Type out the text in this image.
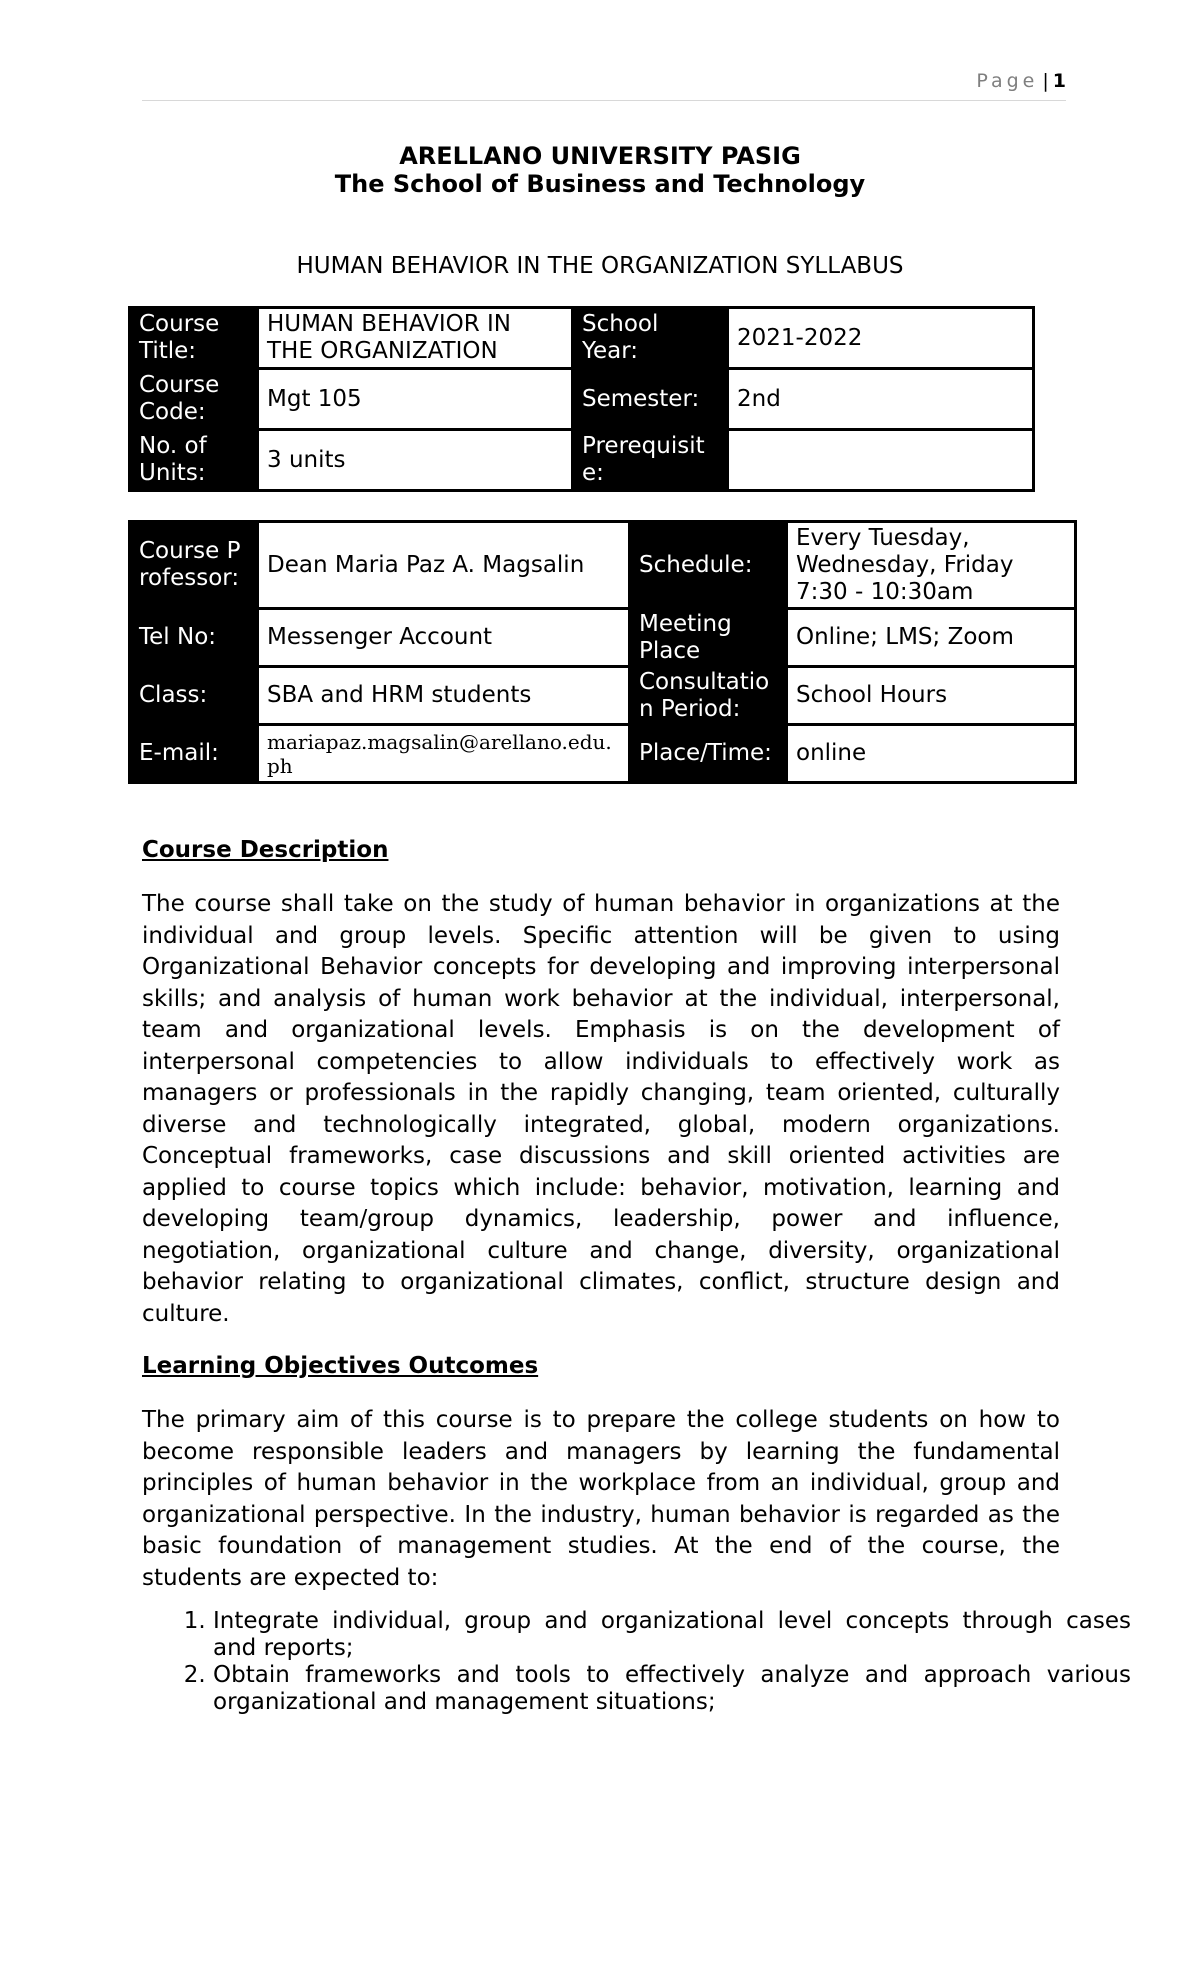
Page | 1
ARELLANO UNIVERSITY PASIG
The School of Business and Technology
HUMAN BEHAVIOR IN THE ORGANIZATION SYLLABUS
Course Title:	HUMAN BEHAVIOR IN THE ORGANIZATION	School Year:	2021-2022
Course Code:	Mgt 105	Semester:	2nd
No. of Units:	3 units	Prerequisite:	
Course Professor:	Dean Maria Paz A. Magsalin	Schedule:	Every Tuesday, Wednesday, Friday 7:30 - 10:30am
Tel No:	Messenger Account	Meeting Place	Online; LMS; Zoom
Class:	SBA and HRM students	Consultation Period:	School Hours
E-mail:	mariapaz.magsalin@arellano.edu.ph	Place/Time:	online
Course Description

The course shall take on the study of human behavior in organizations at the individual and group levels. Specific attention will be given to using Organizational Behavior concepts for developing and improving interpersonal skills; and analysis of human work behavior at the individual, interpersonal, team and organizational levels. Emphasis is on the development of interpersonal competencies to allow individuals to effectively work as managers or professionals in the rapidly changing, team oriented, culturally diverse and technologically integrated, global, modern organizations. Conceptual frameworks, case discussions and skill oriented activities are applied to course topics which include: behavior, motivation, learning and developing team/group dynamics, leadership, power and influence, negotiation, organizational culture and change, diversity, organizational behavior relating to organizational climates, conflict, structure design and culture.

Learning Objectives Outcomes

The primary aim of this course is to prepare the college students on how to become responsible leaders and managers by learning the fundamental principles of human behavior in the workplace from an individual, group and organizational perspective. In the industry, human behavior is regarded as the basic foundation of management studies. At the end of the course, the students are expected to:

1. Integrate individual, group and organizational level concepts through cases and reports;
2. Obtain frameworks and tools to effectively analyze and approach various organizational and management situations;
